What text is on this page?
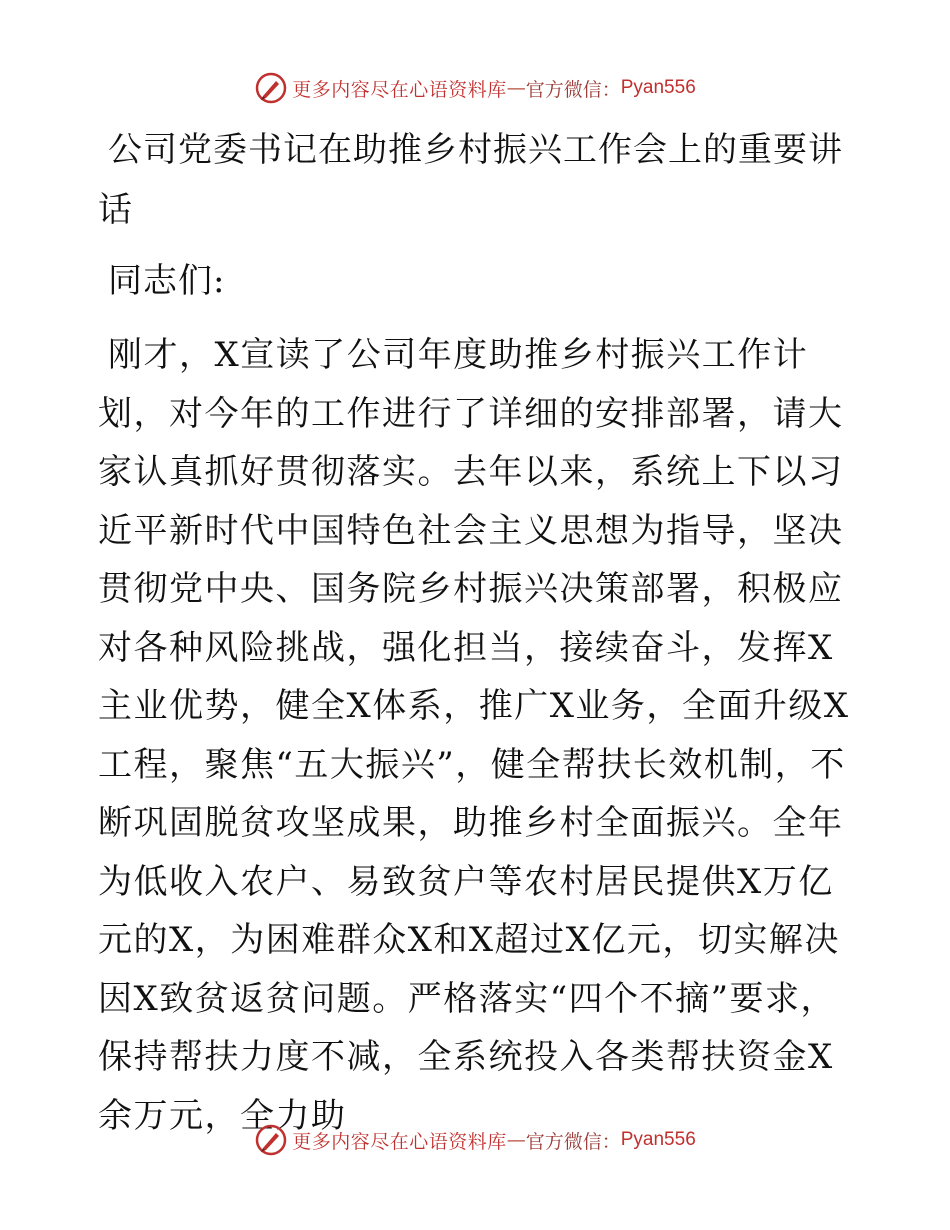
更多内容尽在心语资料库 — 官方微信： Pyan556
公司党委书记在助推乡村振兴工作会上的重要讲话
同志们:

刚才，X宣读了公司年度助推乡村振兴工作计划，对今年的工作进行了详细的安排部署，请大家认真抓好贯彻落实。去年以来，系统上下以习近平新时代中国特色社会主义思想为指导，坚决贯彻党中央、国务院乡村振兴决策部署，积极应对各种风险挑战，强化担当，接续奋斗，发挥X主业优势，健全X体系，推广X业务，全面升级X工程，聚焦“五大振兴”，健全帮扶长效机制，不断巩固脱贫攻坚成果，助推乡村全面振兴。全年为低收入农户、易致贫户等农村居民提供X万亿元的X，为困难群众X和X超过X亿元，切实解决因X致贫返贫问题。严格落实“四个不摘”要求，保持帮扶力度不减，全系统投入各类帮扶资金X余万元，全力助

更多内容尽在心语资料库 — 官方微信： Pyan556
